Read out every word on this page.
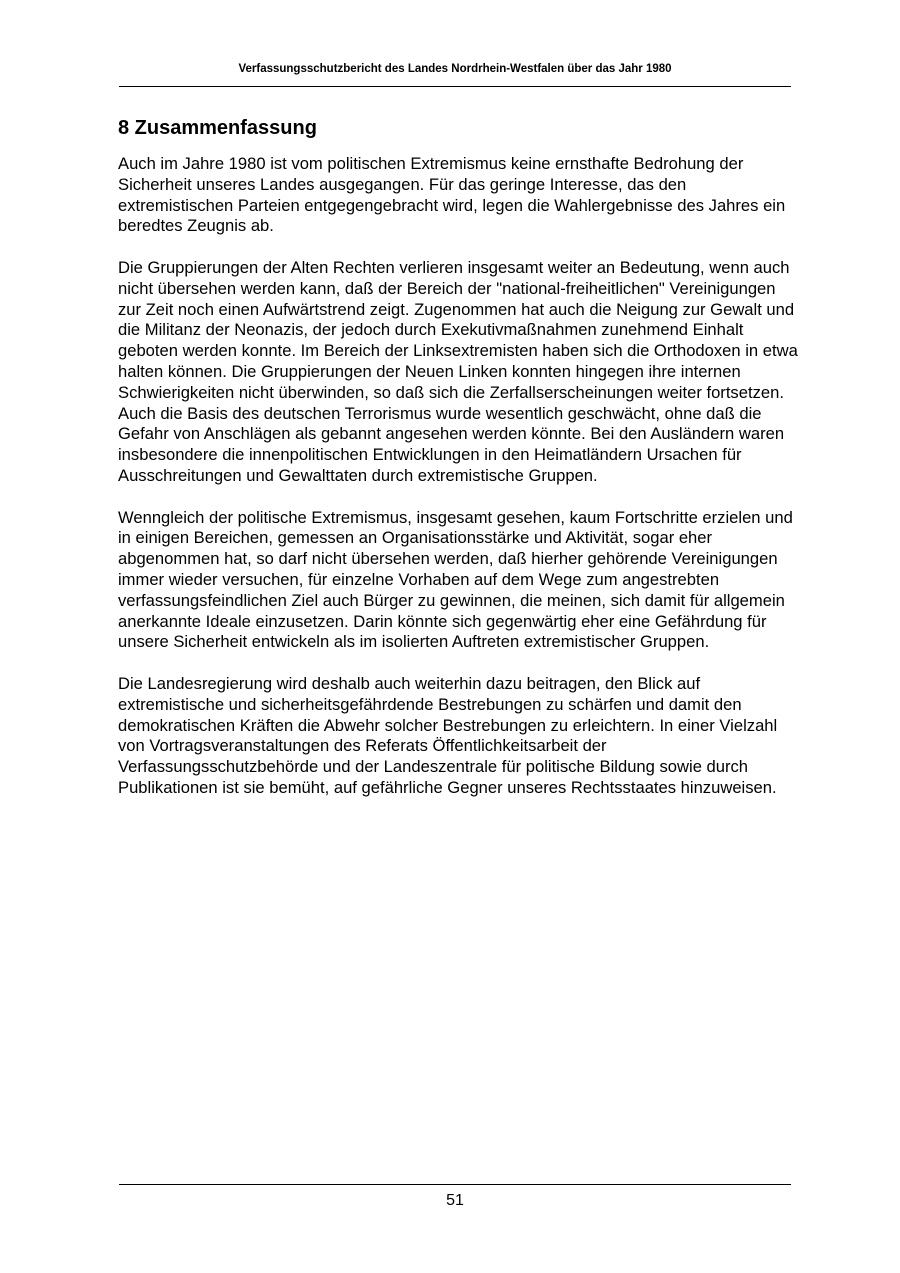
Verfassungsschutzbericht des Landes Nordrhein-Westfalen über das Jahr 1980
8 Zusammenfassung

Auch im Jahre 1980 ist vom politischen Extremismus keine ernsthafte Bedrohung der Sicherheit unseres Landes ausgegangen. Für das geringe Interesse, das den extremistischen Parteien entgegengebracht wird, legen die Wahlergebnisse des Jahres ein beredtes Zeugnis ab.

Die Gruppierungen der Alten Rechten verlieren insgesamt weiter an Bedeutung, wenn auch nicht übersehen werden kann, daß der Bereich der "national-freiheitlichen" Vereinigungen zur Zeit noch einen Aufwärtstrend zeigt. Zugenommen hat auch die Neigung zur Gewalt und die Militanz der Neonazis, der jedoch durch Exekutivmaßnahmen zunehmend Einhalt geboten werden konnte. Im Bereich der Linksextremisten haben sich die Orthodoxen in etwa halten können. Die Gruppierungen der Neuen Linken konnten hingegen ihre internen Schwierigkeiten nicht überwinden, so daß sich die Zerfallserscheinungen weiter fortsetzen. Auch die Basis des deutschen Terrorismus wurde wesentlich geschwächt, ohne daß die Gefahr von Anschlägen als gebannt angesehen werden könnte. Bei den Ausländern waren insbesondere die innenpolitischen Entwicklungen in den Heimatländern Ursachen für Ausschreitungen und Gewalttaten durch extremistische Gruppen.

Wenngleich der politische Extremismus, insgesamt gesehen, kaum Fortschritte erzielen und in einigen Bereichen, gemessen an Organisationsstärke und Aktivität, sogar eher abgenommen hat, so darf nicht übersehen werden, daß hierher gehörende Vereinigungen immer wieder versuchen, für einzelne Vorhaben auf dem Wege zum angestrebten verfassungsfeindlichen Ziel auch Bürger zu gewinnen, die meinen, sich damit für allgemein anerkannte Ideale einzusetzen. Darin könnte sich gegenwärtig eher eine Gefährdung für unsere Sicherheit entwickeln als im isolierten Auftreten extremistischer Gruppen.

Die Landesregierung wird deshalb auch weiterhin dazu beitragen, den Blick auf extremistische und sicherheitsgefährdende Bestrebungen zu schärfen und damit den demokratischen Kräften die Abwehr solcher Bestrebungen zu erleichtern. In einer Vielzahl von Vortragsveranstaltungen des Referats Öffentlichkeitsarbeit der Verfassungsschutzbehörde und der Landeszentrale für politische Bildung sowie durch Publikationen ist sie bemüht, auf gefährliche Gegner unseres Rechtsstaates hinzuweisen.

51
